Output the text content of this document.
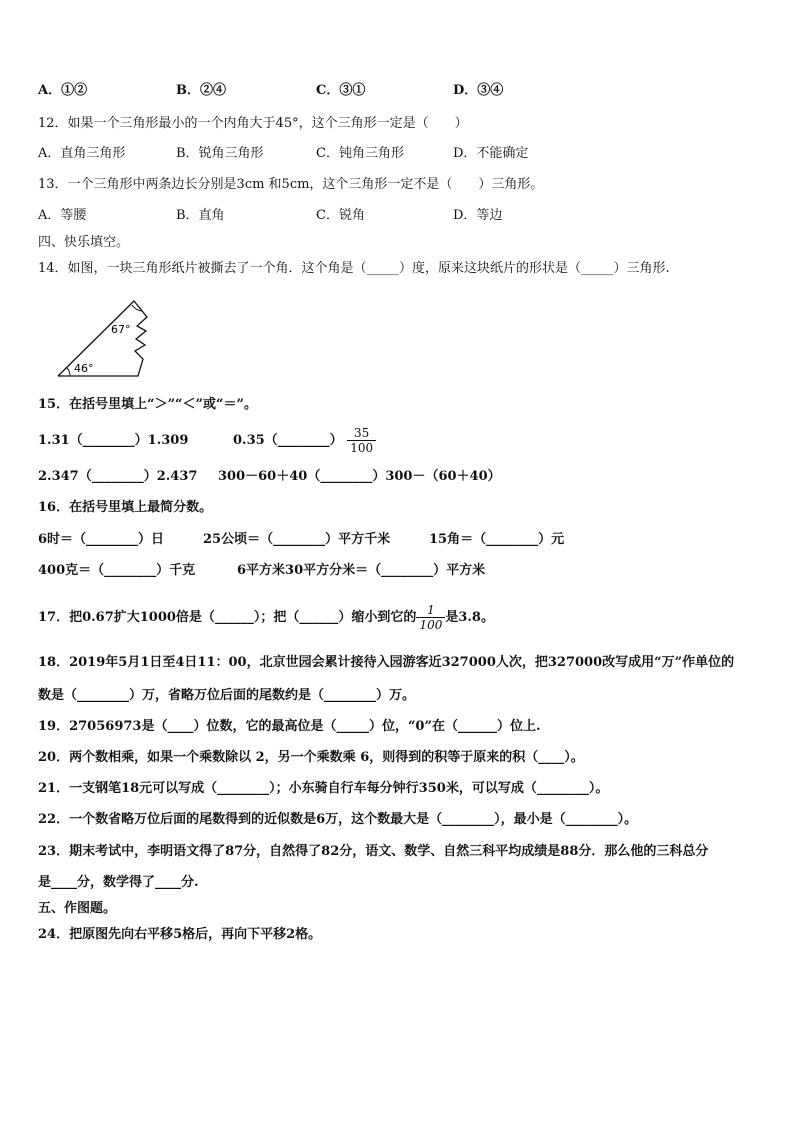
A．①②	B．②④	C．③①	D．③④
12．如果一个三角形最小的一个内角大于45°，这个三角形一定是（　　）
A．直角三角形	B．锐角三角形	C．钝角三角形	D．不能确定
13．一个三角形中两条边长分别是3cm 和5cm，这个三角形一定不是（　　）三角形。
A．等腰	B．直角	C．锐角	D．等边
四、快乐填空。
14．如图，一块三角形纸片被撕去了一个角．这个角是（_____）度，原来这块纸片的形状是（_____）三角形.
67°
46°
15．在括号里填上“＞”“＜”或“＝”。
1.31（________）1.309	0.35（________） $\frac{35}{100}$
2.347（________）2.437 300－60＋40（________）300－（60＋40）
16．在括号里填上最简分数。
6时＝（________）日	25公顷＝（________）平方千米	15角＝（________）元
400克＝（________）千克	6平方米30平方分米＝（________）平方米
17．把0.67扩大1000倍是（______）；把（______）缩小到它的 $\frac{1}{100}$ 是3.8。
18．2019年5月1日至4日11：00，北京世园会累计接待入园游客近327000人次，把327000改写成用“万”作单位的
数是（________）万，省略万位后面的尾数约是（________）万。
19．27056973是（____）位数，它的最高位是（_____）位，“0”在（______）位上.
20．两个数相乘，如果一个乘数除以 2，另一个乘数乘 6，则得到的积等于原来的积（____）。
21．一支钢笔18元可以写成（________）；小东骑自行车每分钟行350米，可以写成（________）。
22．一个数省略万位后面的尾数得到的近似数是6万，这个数最大是（________），最小是（________）。
23．期末考试中，李明语文得了87分，自然得了82分，语文、数学、自然三科平均成绩是88分．那么他的三科总分
是____分，数学得了____分.
五、作图题。
24．把原图先向右平移5格后，再向下平移2格。
